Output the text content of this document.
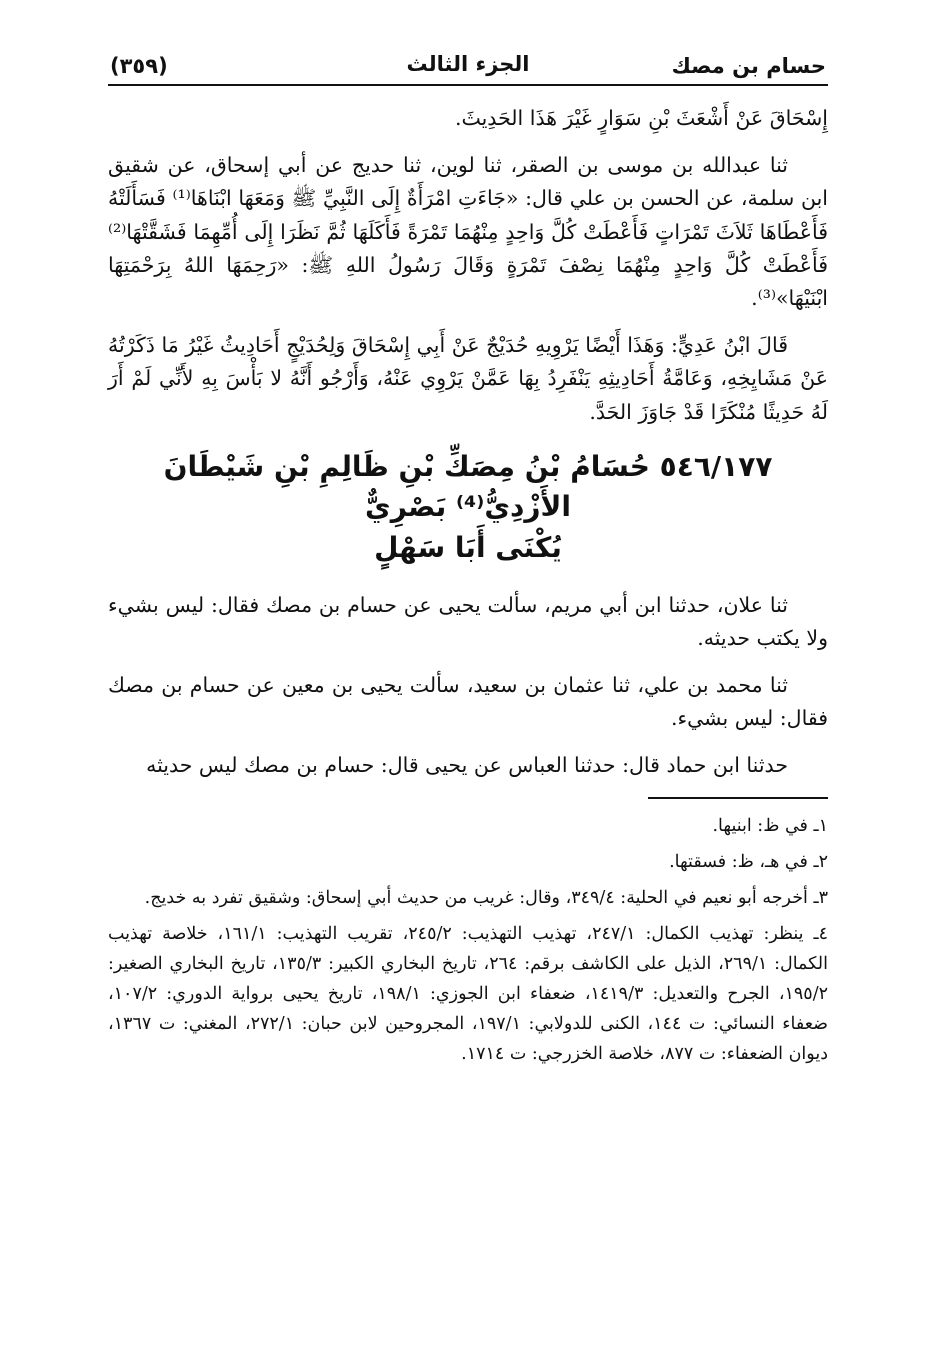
حسام بن مصك
الجزء الثالث
(٣٥٩)

إِسْحَاقَ عَنْ أَشْعَثَ بْنِ سَوَارٍ غَيْرَ هَذَا الحَدِيثَ.

ثنا عبدالله بن موسى بن الصقر، ثنا لوين، ثنا حديج عن أبي إسحاق، عن شقيق ابن سلمة، عن الحسن بن علي قال: «جَاءَتِ امْرَأَةٌ إِلَى النَّبِيِّ ﷺ وَمَعَهَا ابْنَاهَا⁽¹⁾ فَسَأَلَتْهُ فَأَعْطَاهَا ثَلاَثَ تَمْرَاتٍ فَأَعْطَتْ كُلَّ وَاحِدٍ مِنْهُمَا تَمْرَةً فَأَكَلَهَا ثُمَّ نَظَرَا إِلَى أُمِّهِمَا فَشَقَّتْهَا⁽²⁾ فَأَعْطَتْ كُلَّ وَاحِدٍ مِنْهُمَا نِصْفَ تَمْرَةٍ وَقَالَ رَسُولُ اللهِ ﷺ: «رَحِمَهَا اللهُ بِرَحْمَتِهَا ابْنَيْهَا»⁽³⁾.

قَالَ ابْنُ عَدِيٍّ: وَهَذَا أَيْضًا يَرْوِيهِ حُدَيْجٌ عَنْ أَبِي إِسْحَاقَ وَلِحُدَيْجٍ أَحَادِيثُ غَيْرُ مَا ذَكَرْتُهُ عَنْ مَشَايِخِهِ، وَعَامَّةُ أَحَادِيثِهِ يَنْفَرِدُ بِهَا عَمَّنْ يَرْوِي عَنْهُ، وَأَرْجُو أَنَّهُ لا بَأْسَ بِهِ لأَنِّي لَمْ أَرَ لَهُ حَدِيثًا مُنْكَرًا قَدْ جَاوَزَ الحَدَّ.

٥٤٦/١٧٧ حُسَامُ بْنُ مِصَكِّ بْنِ ظَالِمِ بْنِ شَيْطَانَ الأَزْدِيُّ⁽⁴⁾ بَصْرِيٌّ
يُكْنَى أَبَا سَهْلٍ

ثنا علان، حدثنا ابن أبي مريم، سألت يحيى عن حسام بن مصك فقال: ليس بشيء ولا يكتب حديثه.

ثنا محمد بن علي، ثنا عثمان بن سعيد، سألت يحيى بن معين عن حسام بن مصك فقال: ليس بشيء.

حدثنا ابن حماد قال: حدثنا العباس عن يحيى قال: حسام بن مصك ليس حديثه

١ـ في ظ: ابنيها.

٢ـ في هـ، ظ: فسقتها.

٣ـ أخرجه أبو نعيم في الحلية: ٣٤٩/٤، وقال: غريب من حديث أبي إسحاق: وشقيق تفرد به خديج.

٤ـ ينظر: تهذيب الكمال: ٢٤٧/١، تهذيب التهذيب: ٢٤٥/٢، تقريب التهذيب: ١٦١/١، خلاصة تهذيب الكمال: ٢٦٩/١، الذيل على الكاشف برقم: ٢٦٤، تاريخ البخاري الكبير: ١٣٥/٣، تاريخ البخاري الصغير: ١٩٥/٢، الجرح والتعديل: ١٤١٩/٣، ضعفاء ابن الجوزي: ١٩٨/١، تاريخ يحيى برواية الدوري: ١٠٧/٢، ضعفاء النسائي: ت ١٤٤، الكنى للدولابي: ١٩٧/١، المجروحين لابن حبان: ٢٧٢/١، المغني: ت ١٣٦٧، ديوان الضعفاء: ت ٨٧٧، خلاصة الخزرجي: ت ١٧١٤.
